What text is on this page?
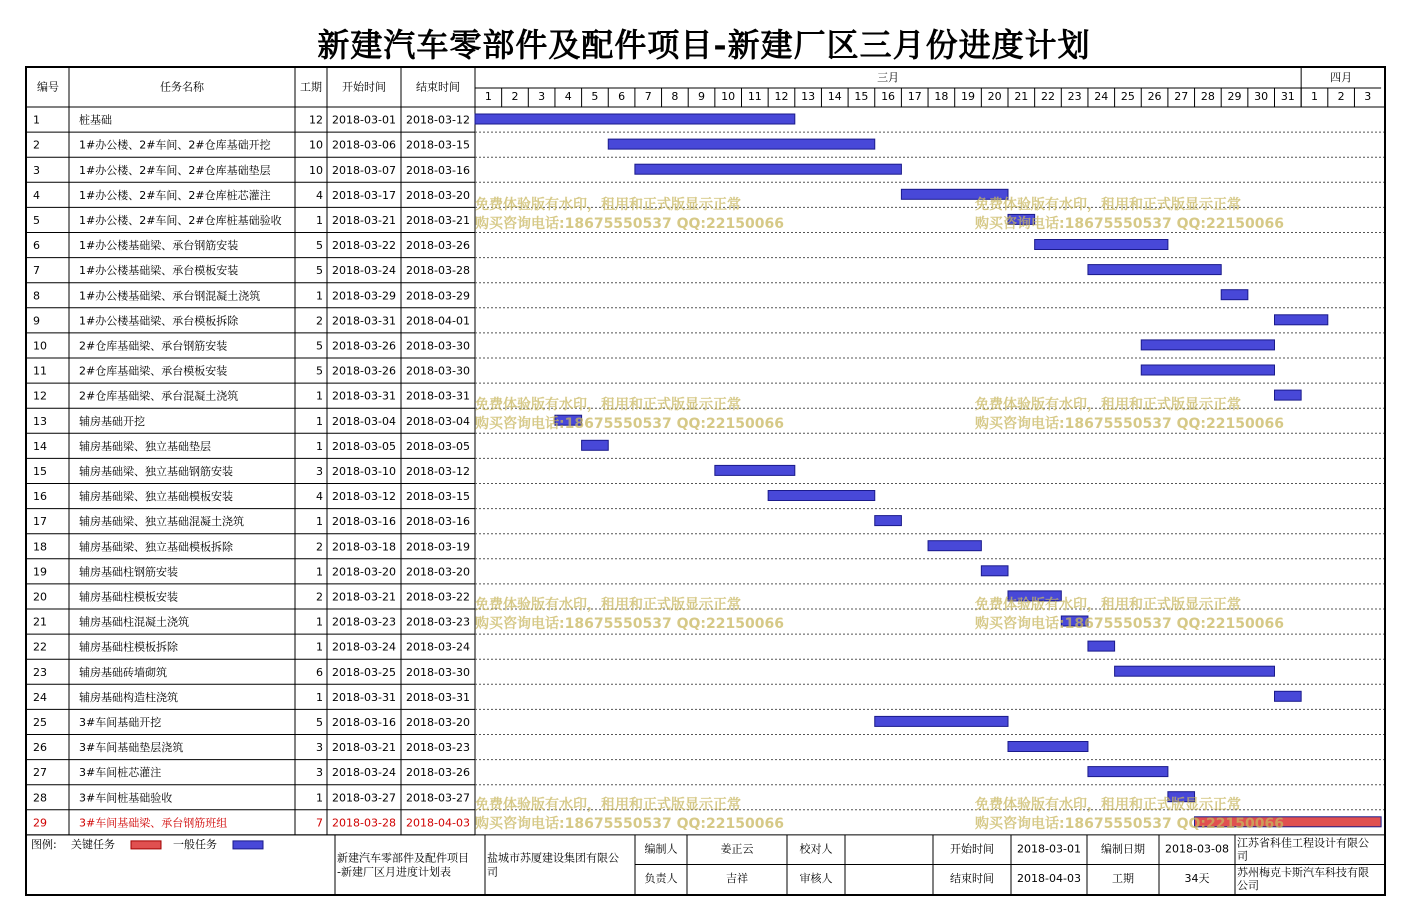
新建汽车零部件及配件项目-新建厂区三月份进度计划
编号	任务名称	工期 开始时间	结束时间
三月
1 2 3 4 5 6 7 8 9 10 11 12 13 14 15 16 17 18 19 20 21 22 23 24 25 26 27 28 29 30 31
四月
1 2 3
1	桩基础	12 2018-03-01 2018-03-12
2	1#办公楼、2#车间、2#仓库基础开挖	10 2018-03-06 2018-03-15
3	1#办公楼、2#车间、2#仓库基础垫层	10 2018-03-07 2018-03-16
4	1#办公楼、2#车间、2#仓库桩芯灌注	4 2018-03-17 2018-03-20
5	1#办公楼、2#车间、2#仓库桩基础验收	1 2018-03-21 2018-03-21
6	1#办公楼基础梁、承台钢筋安装	5 2018-03-22 2018-03-26
7	1#办公楼基础梁、承台模板安装	5 2018-03-24 2018-03-28
8	1#办公楼基础梁、承台钢混凝土浇筑	1 2018-03-29 2018-03-29
9	1#办公楼基础梁、承台模板拆除	2 2018-03-31 2018-04-01
10	2#仓库基础梁、承台钢筋安装	5 2018-03-26 2018-03-30
11	2#仓库基础梁、承台模板安装	5 2018-03-26 2018-03-30
12	2#仓库基础梁、承台混凝土浇筑	1 2018-03-31 2018-03-31
13	辅房基础开挖	1 2018-03-04 2018-03-04
14	辅房基础梁、独立基础垫层	1 2018-03-05 2018-03-05
15	辅房基础梁、独立基础钢筋安装	3 2018-03-10 2018-03-12
16	辅房基础梁、独立基础模板安装	4 2018-03-12 2018-03-15
17	辅房基础梁、独立基础混凝土浇筑	1 2018-03-16 2018-03-16
18	辅房基础梁、独立基础模板拆除	2 2018-03-18 2018-03-19
19	辅房基础柱钢筋安装	1 2018-03-20 2018-03-20
20	辅房基础柱模板安装	2 2018-03-21 2018-03-22
21	辅房基础柱混凝土浇筑	1 2018-03-23 2018-03-23
22	辅房基础柱模板拆除	1 2018-03-24 2018-03-24
23	辅房基础砖墙砌筑	6 2018-03-25 2018-03-30
24	辅房基础构造柱浇筑	1 2018-03-31 2018-03-31
25	3#车间基础开挖	5 2018-03-16 2018-03-20
26	3#车间基础垫层浇筑	3 2018-03-21 2018-03-23
27	3#车间桩芯灌注	3 2018-03-24 2018-03-26
28	3#车间桩基础验收	1 2018-03-27 2018-03-27
29	3#车间基础梁、承台钢筋班组	7 2018-03-28 2018-04-03
免费体验版有水印，租用和正式版显示正常
购买咨询电话:18675550537 QQ:22150066
免费体验版有水印，租用和正式版显示正常
购买咨询电话:18675550537 QQ:22150066
免费体验版有水印，租用和正式版显示正常
购买咨询电话:18675550537 QQ:22150066
免费体验版有水印，租用和正式版显示正常
购买咨询电话:18675550537 QQ:22150066
免费体验版有水印，租用和正式版显示正常
购买咨询电话:18675550537 QQ:22150066
免费体验版有水印，租用和正式版显示正常
购买咨询电话:18675550537 QQ:22150066
免费体验版有水印，租用和正式版显示正常
购买咨询电话:18675550537 QQ:22150066
免费体验版有水印，租用和正式版显示正常
购买咨询电话:18675550537 QQ:22150066
图例: 关键任务	一般任务
新建汽车零部件及配件项目
-新建厂区月进度计划表
盐城市苏厦建设集团有限公
司
编制人	姜正云	校对人	开始时间 2018-03-01 编制日期 2018-03-08
负责人	吉祥	审核人	结束时间 2018-04-03	工期	34天
江苏省科佳工程设计有限公
司
苏州梅克卡斯汽车科技有限
公司
